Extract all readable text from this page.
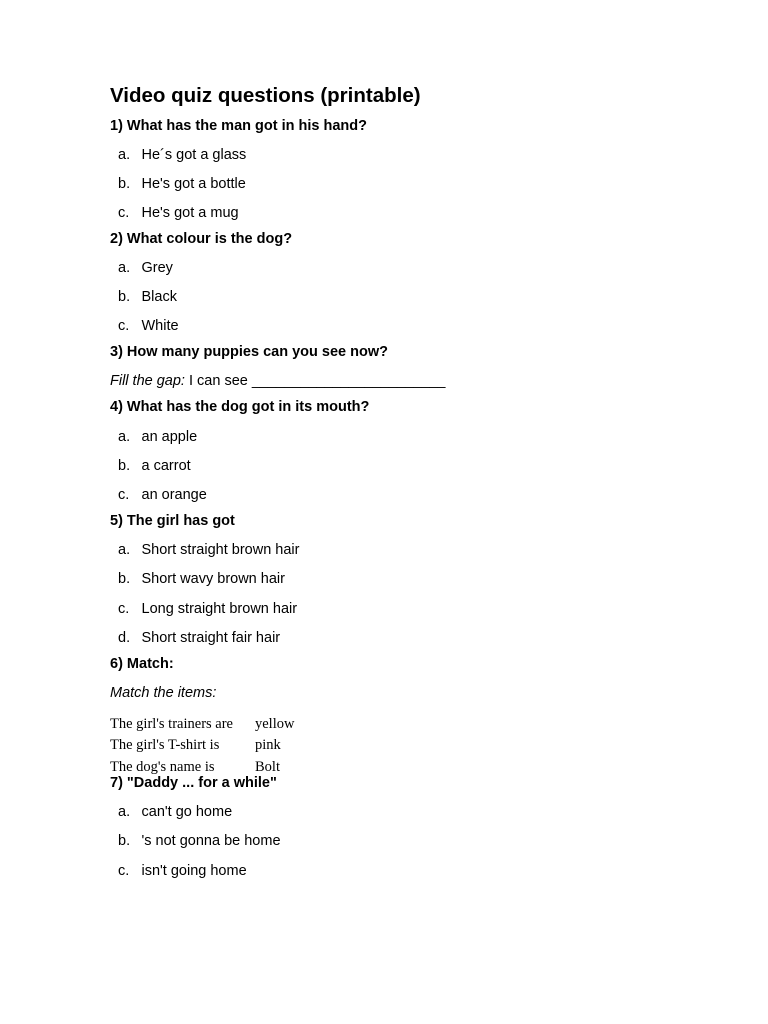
Video quiz questions (printable)
1) What has the man got in his hand?
a. He´s got a glass
b. He's got a bottle
c. He's got a mug
2) What colour is the dog?
a. Grey
b. Black
c. White
3) How many puppies can you see now?
Fill the gap: I can see ________________________
4) What has the dog got in its mouth?
a. an apple
b. a carrot
c. an orange
5) The girl has got
a. Short straight brown hair
b. Short wavy brown hair
c. Long straight brown hair
d. Short straight fair hair
6) Match:
Match the items:
The girl's trainers are yellow
The girl's T-shirt is pink
The dog's name is	Bolt
7) "Daddy ... for a while"
a. can't go home
b. 's not gonna be home
c. isn't going home
